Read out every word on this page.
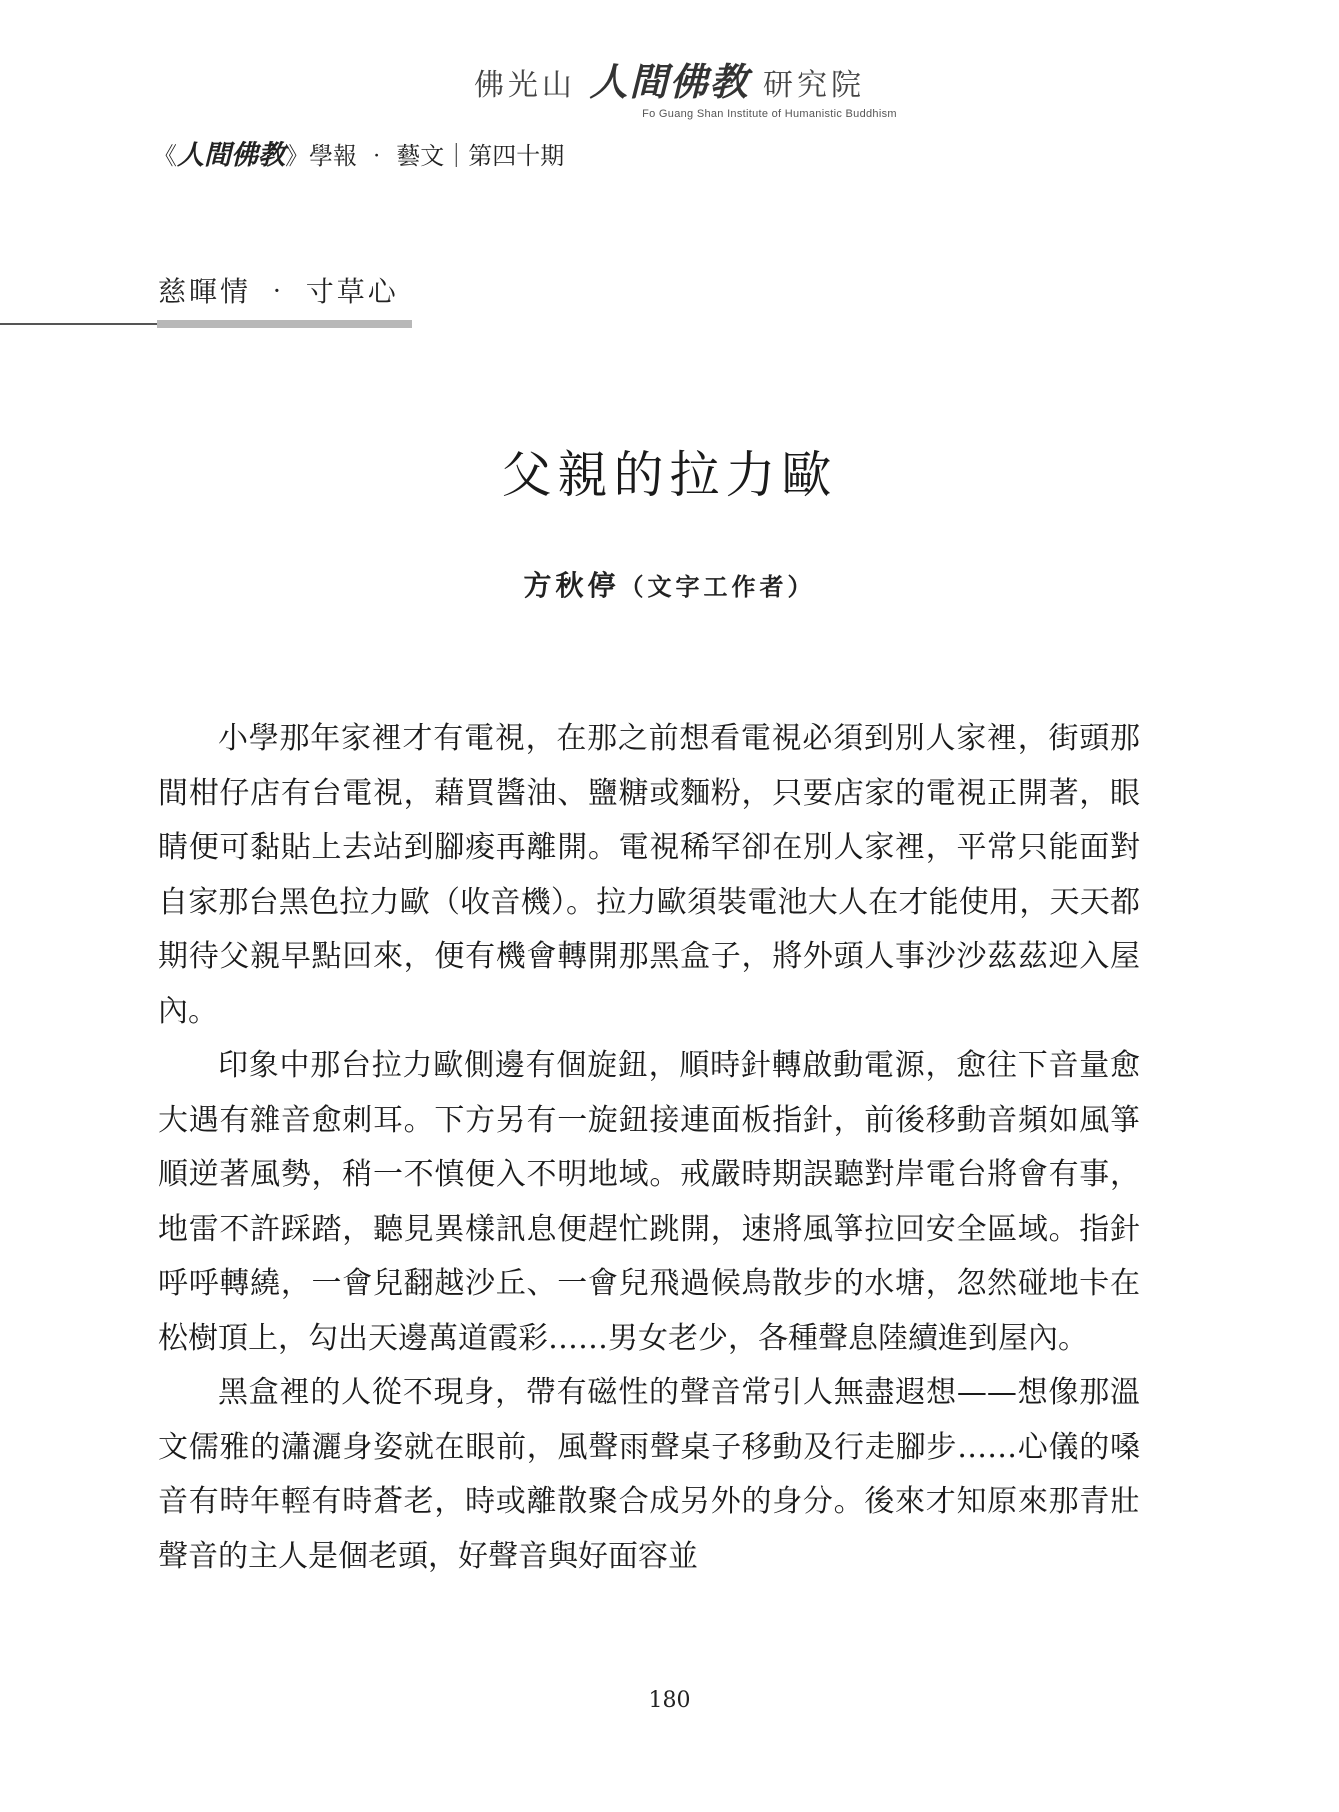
佛光山 人間佛教 研究院
Fo Guang Shan Institute of Humanistic Buddhism
《人間佛教》學報 ‧ 藝文｜第四十期
慈暉情 ‧ 寸草心
父親的拉力歐
方秋停（文字工作者）

小學那年家裡才有電視，在那之前想看電視必須到別人家裡，街頭那間柑仔店有台電視，藉買醬油、鹽糖或麵粉，只要店家的電視正開著，眼睛便可黏貼上去站到腳痠再離開。電視稀罕卻在別人家裡，平常只能面對自家那台黑色拉力歐（收音機）。拉力歐須裝電池大人在才能使用，天天都期待父親早點回來，便有機會轉開那黑盒子，將外頭人事沙沙茲茲迎入屋內。

印象中那台拉力歐側邊有個旋鈕，順時針轉啟動電源，愈往下音量愈大遇有雜音愈刺耳。下方另有一旋鈕接連面板指針，前後移動音頻如風箏順逆著風勢，稍一不慎便入不明地域。戒嚴時期誤聽對岸電台將會有事，地雷不許踩踏，聽見異樣訊息便趕忙跳開，速將風箏拉回安全區域。指針呼呼轉繞，一會兒翻越沙丘、一會兒飛過候鳥散步的水塘，忽然碰地卡在松樹頂上，勾出天邊萬道霞彩……男女老少，各種聲息陸續進到屋內。

黑盒裡的人從不現身，帶有磁性的聲音常引人無盡遐想——想像那溫文儒雅的瀟灑身姿就在眼前，風聲雨聲桌子移動及行走腳步……心儀的嗓音有時年輕有時蒼老，時或離散聚合成另外的身分。後來才知原來那青壯聲音的主人是個老頭，好聲音與好面容並

180
